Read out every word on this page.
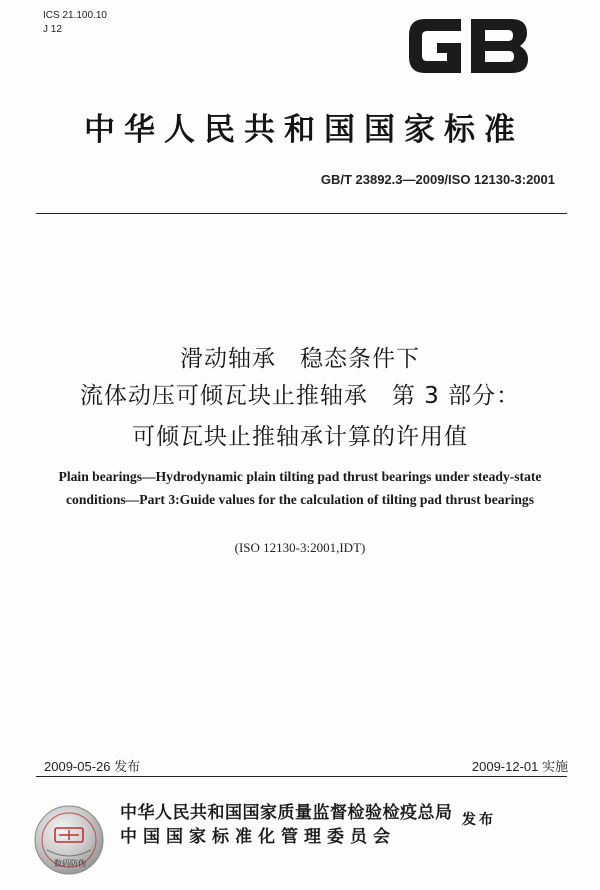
ICS 21.100.10
J 12
中华人民共和国国家标准
GB/T 23892.3—2009/ISO 12130-3:2001
滑动轴承　稳态条件下
流体动压可倾瓦块止推轴承　第 3 部分：
可倾瓦块止推轴承计算的许用值
Plain bearings—Hydrodynamic plain tilting pad thrust bearings under steady-state
conditions—Part 3:Guide values for the calculation of tilting pad thrust bearings
(ISO 12130-3:2001,IDT)
2009-05-26 发布	2009-12-01 实施
数码防伪
中华人民共和国国家质量监督检验检疫总局
中国国家标准化管理委员会
发布
